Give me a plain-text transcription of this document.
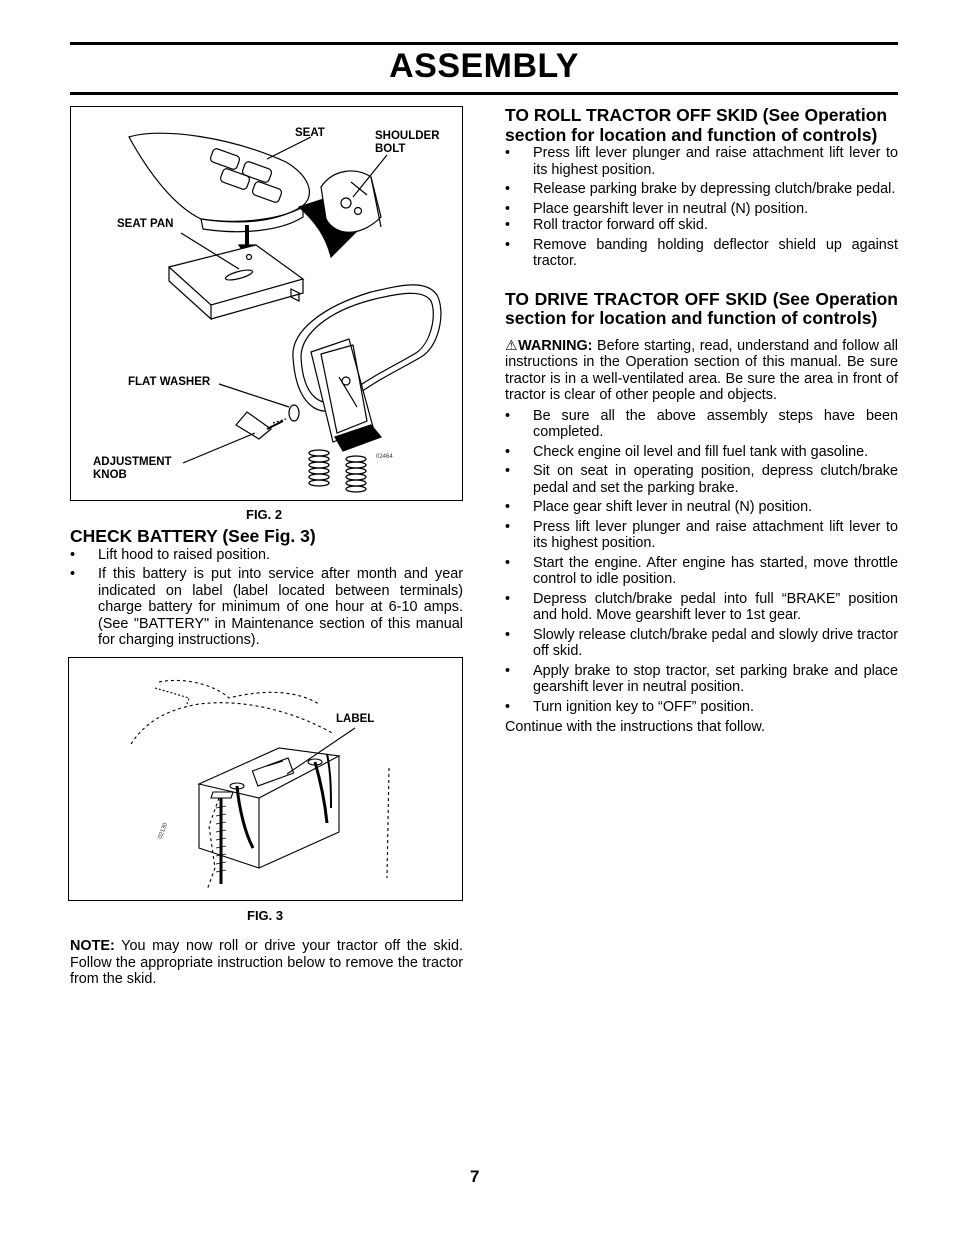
ASSEMBLY
SEAT	SHOULDER
BOLT
SEAT PAN
FLAT WASHER
ADJUSTMENT
KNOB
02464
FIG. 2
CHECK BATTERY (See Fig. 3)
• Lift hood to raised position.
• If this battery is put into service after month and year indicated on label (label located between terminals) charge battery for minimum of one hour at 6-10 amps. (See "BATTERY" in Maintenance section of this manual for charging instructions).
LABEL
02130
FIG. 3
NOTE: You may now roll or drive your tractor off the skid. Follow the appropriate instruction below to remove the tractor from the skid.
TO ROLL TRACTOR OFF SKID (See Operation section for location and function of controls)
• Press lift lever plunger and raise attachment lift lever to its highest position.
• Release parking brake by depressing clutch/brake pedal.
• Place gearshift lever in neutral (N) position.
• Roll tractor forward off skid.
• Remove banding holding deflector shield up against tractor.
TO DRIVE TRACTOR OFF SKID (See Operation section for location and function of controls)
⚠WARNING: Before starting, read, understand and follow all instructions in the Operation section of this manual. Be sure tractor is in a well-ventilated area. Be sure the area in front of tractor is clear of other people and objects.
• Be sure all the above assembly steps have been completed.
• Check engine oil level and fill fuel tank with gasoline.
• Sit on seat in operating position, depress clutch/brake pedal and set the parking brake.
• Place gear shift lever in neutral (N) position.
• Press lift lever plunger and raise attachment lift lever to its highest position.
• Start the engine. After engine has started, move throttle control to idle position.
• Depress clutch/brake pedal into full “BRAKE” position and hold. Move gearshift lever to 1st gear.
• Slowly release clutch/brake pedal and slowly drive tractor off skid.
• Apply brake to stop tractor, set parking brake and place gearshift lever in neutral position.
• Turn ignition key to “OFF” position.
Continue with the instructions that follow.
7
